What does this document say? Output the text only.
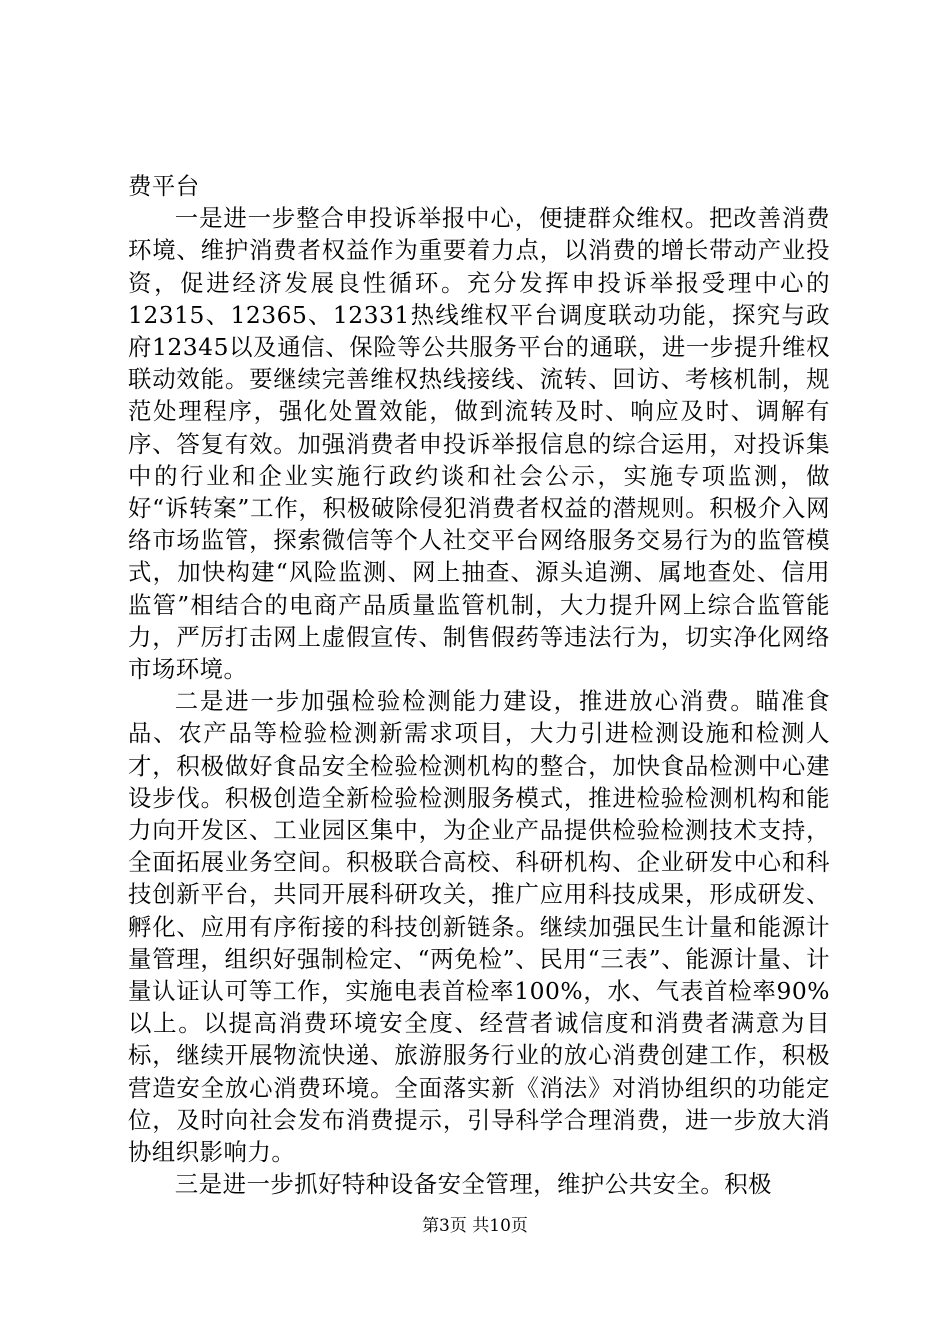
费平台

一是进一步整合申投诉举报中心，便捷群众维权。把改善消费环境、维护消费者权益作为重要着力点，以消费的增长带动产业投资，促进经济发展良性循环。充分发挥申投诉举报受理中心的12315、12365、12331热线维权平台调度联动功能，探究与政府12345以及通信、保险等公共服务平台的通联，进一步提升维权联动效能。要继续完善维权热线接线、流转、回访、考核机制，规范处理程序，强化处置效能，做到流转及时、响应及时、调解有序、答复有效。加强消费者申投诉举报信息的综合运用，对投诉集中的行业和企业实施行政约谈和社会公示，实施专项监测，做好“诉转案”工作，积极破除侵犯消费者权益的潜规则。积极介入网络市场监管，探索微信等个人社交平台网络服务交易行为的监管模式，加快构建“风险监测、网上抽查、源头追溯、属地查处、信用监管”相结合的电商产品质量监管机制，大力提升网上综合监管能力，严厉打击网上虚假宣传、制售假药等违法行为，切实净化网络市场环境。

二是进一步加强检验检测能力建设，推进放心消费。瞄准食品、农产品等检验检测新需求项目，大力引进检测设施和检测人才，积极做好食品安全检验检测机构的整合，加快食品检测中心建设步伐。积极创造全新检验检测服务模式，推进检验检测机构和能力向开发区、工业园区集中，为企业产品提供检验检测技术支持，全面拓展业务空间。积极联合高校、科研机构、企业研发中心和科技创新平台，共同开展科研攻关，推广应用科技成果，形成研发、孵化、应用有序衔接的科技创新链条。继续加强民生计量和能源计量管理，组织好强制检定、“两免检”、民用“三表”、能源计量、计量认证认可等工作，实施电表首检率100%，水、气表首检率90%以上。以提高消费环境安全度、经营者诚信度和消费者满意为目标，继续开展物流快递、旅游服务行业的放心消费创建工作，积极营造安全放心消费环境。全面落实新《消法》对消协组织的功能定位，及时向社会发布消费提示，引导科学合理消费，进一步放大消协组织影响力。

三是进一步抓好特种设备安全管理，维护公共安全。积极

第3页 共10页
